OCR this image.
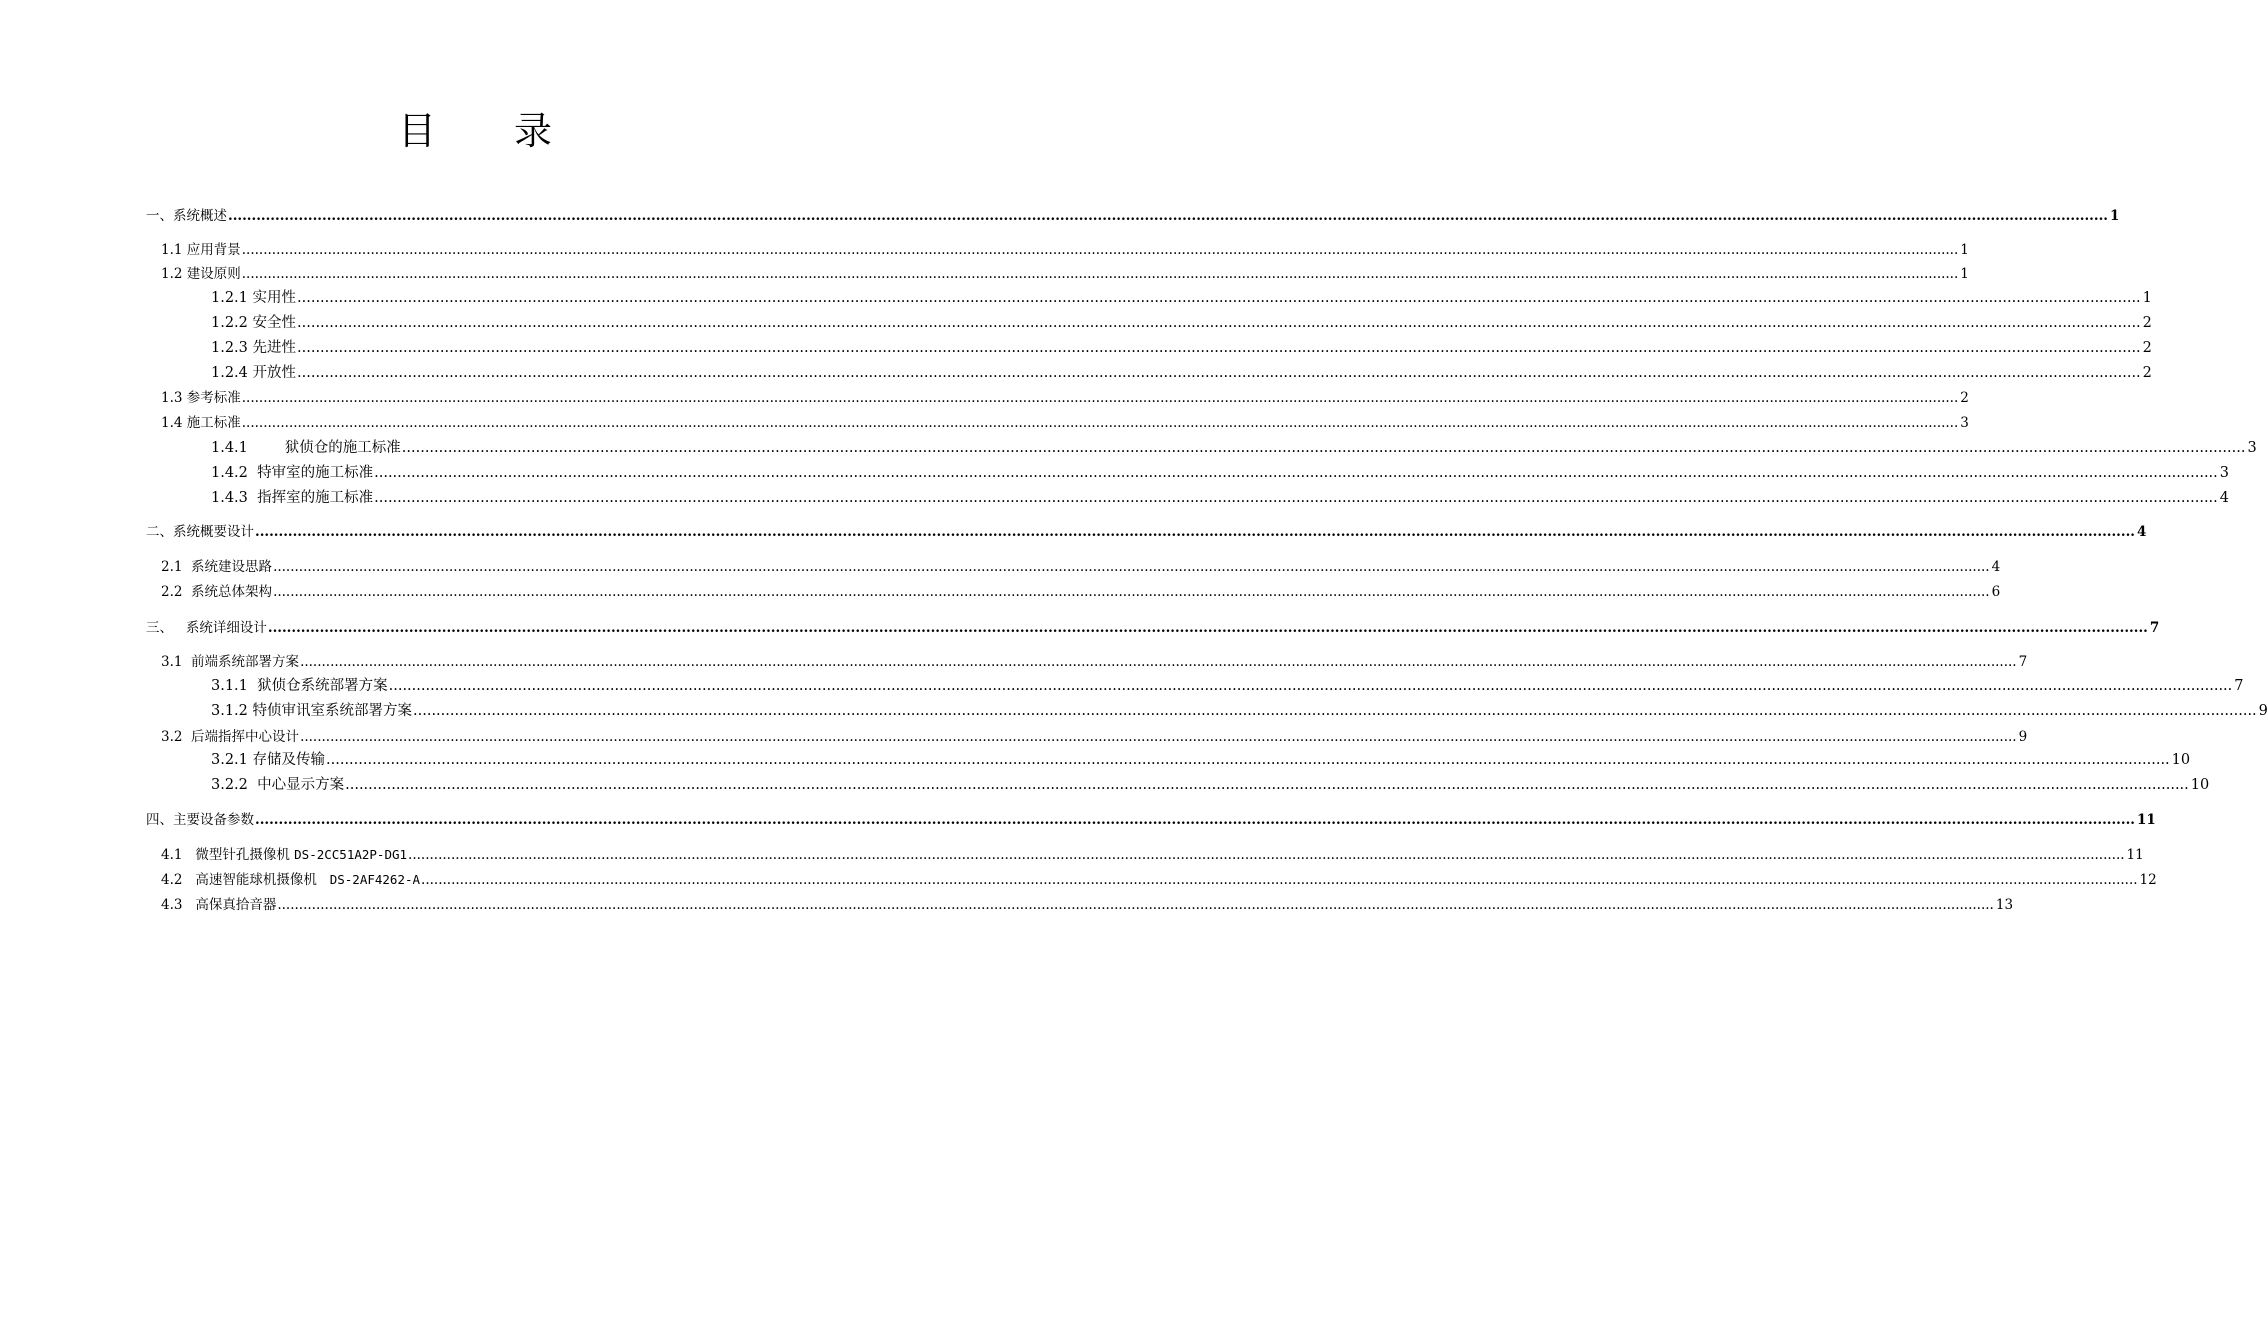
目 录
一、系统概述 ................................................................................................................................................................................................................................................................................................................................................................................................................ 1
1.1 应用背景 ................................................................................................................................................................................................................................................................................................................................................................................................................ 1
1.2 建设原则 ................................................................................................................................................................................................................................................................................................................................................................................................................ 1
1.2.1 实用性 ................................................................................................................................................................................................................................................................................................................................................................................................................ 1
1.2.2 安全性 ................................................................................................................................................................................................................................................................................................................................................................................................................ 2
1.2.3 先进性 ................................................................................................................................................................................................................................................................................................................................................................................................................ 2
1.2.4 开放性 ................................................................................................................................................................................................................................................................................................................................................................................................................ 2
1.3 参考标准 ................................................................................................................................................................................................................................................................................................................................................................................................................ 2
1.4 施工标准 ................................................................................................................................................................................................................................................................................................................................................................................................................ 3
1.4.1        狱侦仓的施工标准 ................................................................................................................................................................................................................................................................................................................................................................................................................ 3
1.4.2  特审室的施工标准 ................................................................................................................................................................................................................................................................................................................................................................................................................ 3
1.4.3  指挥室的施工标准 ................................................................................................................................................................................................................................................................................................................................................................................................................ 4
二、系统概要设计 ................................................................................................................................................................................................................................................................................................................................................................................................................ 4
2.1  系统建设思路 ................................................................................................................................................................................................................................................................................................................................................................................................................ 4
2.2  系统总体架构 ................................................................................................................................................................................................................................................................................................................................................................................................................ 6
三、   系统详细设计 ................................................................................................................................................................................................................................................................................................................................................................................................................ 7
3.1  前端系统部署方案 ................................................................................................................................................................................................................................................................................................................................................................................................................ 7
3.1.1  狱侦仓系统部署方案 ................................................................................................................................................................................................................................................................................................................................................................................................................ 7
3.1.2 特侦审讯室系统部署方案 ................................................................................................................................................................................................................................................................................................................................................................................................................ 9
3.2  后端指挥中心设计 ................................................................................................................................................................................................................................................................................................................................................................................................................ 9
3.2.1 存储及传输 ................................................................................................................................................................................................................................................................................................................................................................................................................ 10
3.2.2  中心显示方案 ................................................................................................................................................................................................................................................................................................................................................................................................................ 10
四、主要设备参数 ................................................................................................................................................................................................................................................................................................................................................................................................................ 11
4.1   微型针孔摄像机 DS-2CC51A2P-DG1 ................................................................................................................................................................................................................................................................................................................................................................................................................ 11
4.2   高速智能球机摄像机   DS-2AF4262-A ................................................................................................................................................................................................................................................................................................................................................................................................................ 12
4.3   高保真拾音器 ................................................................................................................................................................................................................................................................................................................................................................................................................ 13
